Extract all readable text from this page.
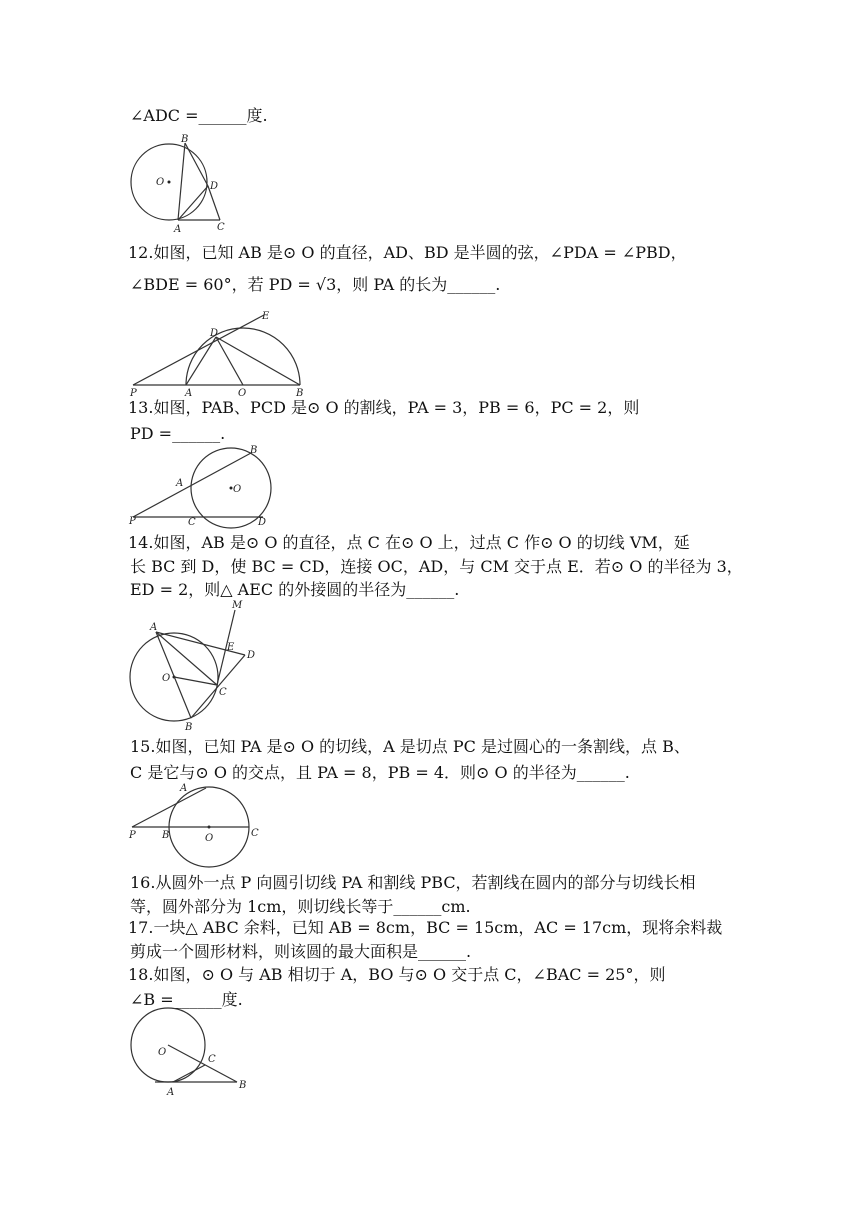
∠ADC =______度.
B
O	D
A	C
12.如图，已知 AB 是⊙ O 的直径，AD、BD 是半圆的弦，∠PDA = ∠PBD，
∠BDE = 60°，若 PD = √3，则 PA 的长为______.
E
D
P	A	O	B
13.如图，PAB、PCD 是⊙ O 的割线，PA = 3，PB = 6，PC = 2，则
PD =______.
B
A
O
P	C	D
14.如图，AB 是⊙ O 的直径，点 C 在⊙ O 上，过点 C 作⊙ O 的切线 VM，延
长 BC 到 D，使 BC = CD，连接 OC，AD，与 CM 交于点 E．若⊙ O 的半径为 3，
ED = 2，则△ AEC 的外接圆的半径为______.
M
A
E
D
O
C
B
15.如图，已知 PA 是⊙ O 的切线，A 是切点 PC 是过圆心的一条割线，点 B、
C 是它与⊙ O 的交点，且 PA = 8，PB = 4．则⊙ O 的半径为______.
A
P	B	O	C
16.从圆外一点 P 向圆引切线 PA 和割线 PBC，若割线在圆内的部分与切线长相
等，圆外部分为 1cm，则切线长等于______cm.
17.一块△ ABC 余料，已知 AB = 8cm，BC = 15cm，AC = 17cm，现将余料裁
剪成一个圆形材料，则该圆的最大面积是______.
18.如图，⊙ O 与 AB 相切于 A，BO 与⊙ O 交于点 C，∠BAC = 25°，则
∠B =______度.
O
C
A
B
